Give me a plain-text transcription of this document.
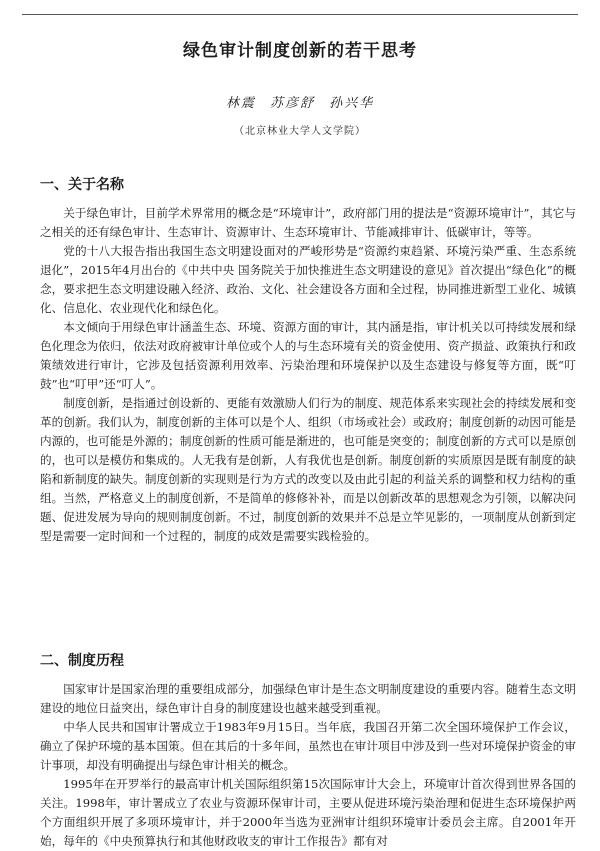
绿色审计制度创新的若干思考
林震 苏彦舒 孙兴华
（北京林业大学人文学院）
一、关于名称

关于绿色审计，目前学术界常用的概念是“环境审计”，政府部门用的提法是“资源环境审计”，其它与之相关的还有绿色审计、生态审计、资源审计、生态环境审计、节能减排审计、低碳审计，等等。

党的十八大报告指出我国生态文明建设面对的严峻形势是“资源约束趋紧、环境污染严重、生态系统退化”，2015年4月出台的《中共中央 国务院关于加快推进生态文明建设的意见》首次提出“绿色化”的概念，要求把生态文明建设融入经济、政治、文化、社会建设各方面和全过程，协同推进新型工业化、城镇化、信息化、农业现代化和绿色化。

本文倾向于用绿色审计涵盖生态、环境、资源方面的审计，其内涵是指，审计机关以可持续发展和绿色化理念为依归，依法对政府被审计单位或个人的与生态环境有关的资金使用、资产损益、政策执行和政策绩效进行审计，它涉及包括资源利用效率、污染治理和环境保护以及生态建设与修复等方面，既“叮鼓”也“叮甲”还“叮人”。

制度创新，是指通过创设新的、更能有效激励人们行为的制度、规范体系来实现社会的持续发展和变革的创新。我们认为，制度创新的主体可以是个人、组织（市场或社会）或政府；制度创新的动因可能是内源的，也可能是外源的；制度创新的性质可能是渐进的，也可能是突变的；制度创新的方式可以是原创的，也可以是模仿和集成的。人无我有是创新，人有我优也是创新。制度创新的实质原因是既有制度的缺陷和新制度的缺失。制度创新的实现则是行为方式的改变以及由此引起的利益关系的调整和权力结构的重组。当然，严格意义上的制度创新，不是简单的修修补补，而是以创新改革的思想观念为引领，以解决问题、促进发展为导向的规则制度创新。不过，制度创新的效果并不总是立竿见影的，一项制度从创新到定型是需要一定时间和一个过程的，制度的成效是需要实践检验的。

二、制度历程

国家审计是国家治理的重要组成部分，加强绿色审计是生态文明制度建设的重要内容。随着生态文明建设的地位日益突出，绿色审计自身的制度建设也越来越受到重视。

中华人民共和国审计署成立于1983年9月15日。当年底，我国召开第二次全国环境保护工作会议，确立了保护环境的基本国策。但在其后的十多年间，虽然也在审计项目中涉及到一些对环境保护资金的审计事项，却没有明确提出与绿色审计相关的概念。

1995年在开罗举行的最高审计机关国际组织第15次国际审计大会上，环境审计首次得到世界各国的关注。1998年，审计署成立了农业与资源环保审计司，主要从促进环境污染治理和促进生态环境保护两个方面组织开展了多项环境审计，并于2000年当选为亚洲审计组织环境审计委员会主席。自2001年开始，每年的《中央预算执行和其他财政收支的审计工作报告》都有对
